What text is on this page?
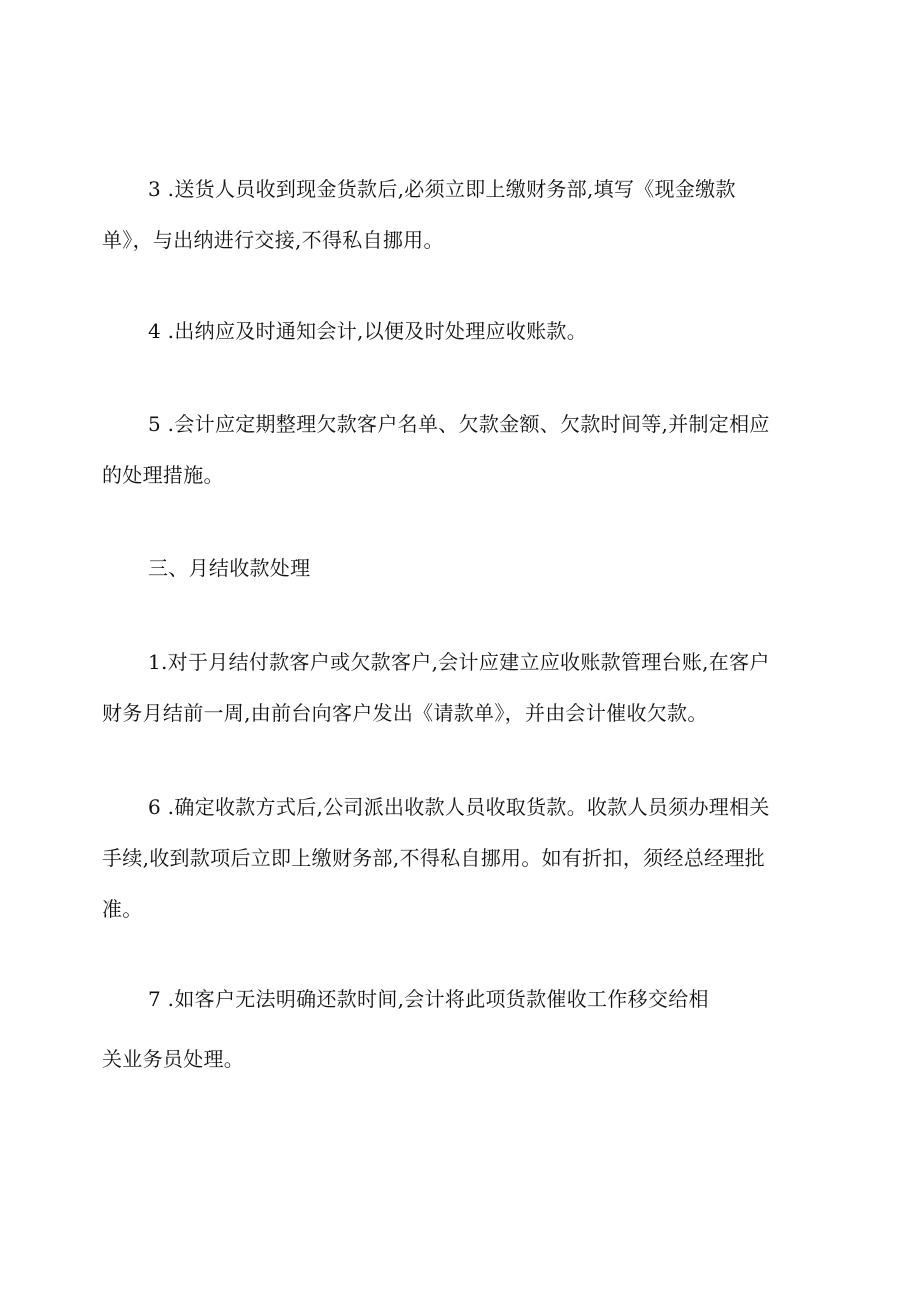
3 .送货人员收到现金货款后,必须立即上缴财务部,填写《现金缴款
单》，与出纳进行交接,不得私自挪用。

4 .出纳应及时通知会计,以便及时处理应收账款。

5 .会计应定期整理欠款客户名单、欠款金额、欠款时间等,并制定相应
的处理措施。

三、月结收款处理

1.对于月结付款客户或欠款客户,会计应建立应收账款管理台账,在客户
财务月结前一周,由前台向客户发出《请款单》，并由会计催收欠款。

6 .确定收款方式后,公司派出收款人员收取货款。收款人员须办理相关
手续,收到款项后立即上缴财务部,不得私自挪用。如有折扣，须经总经理批
准。

7 .如客户无法明确还款时间,会计将此项货款催收工作移交给相
关业务员处理。
